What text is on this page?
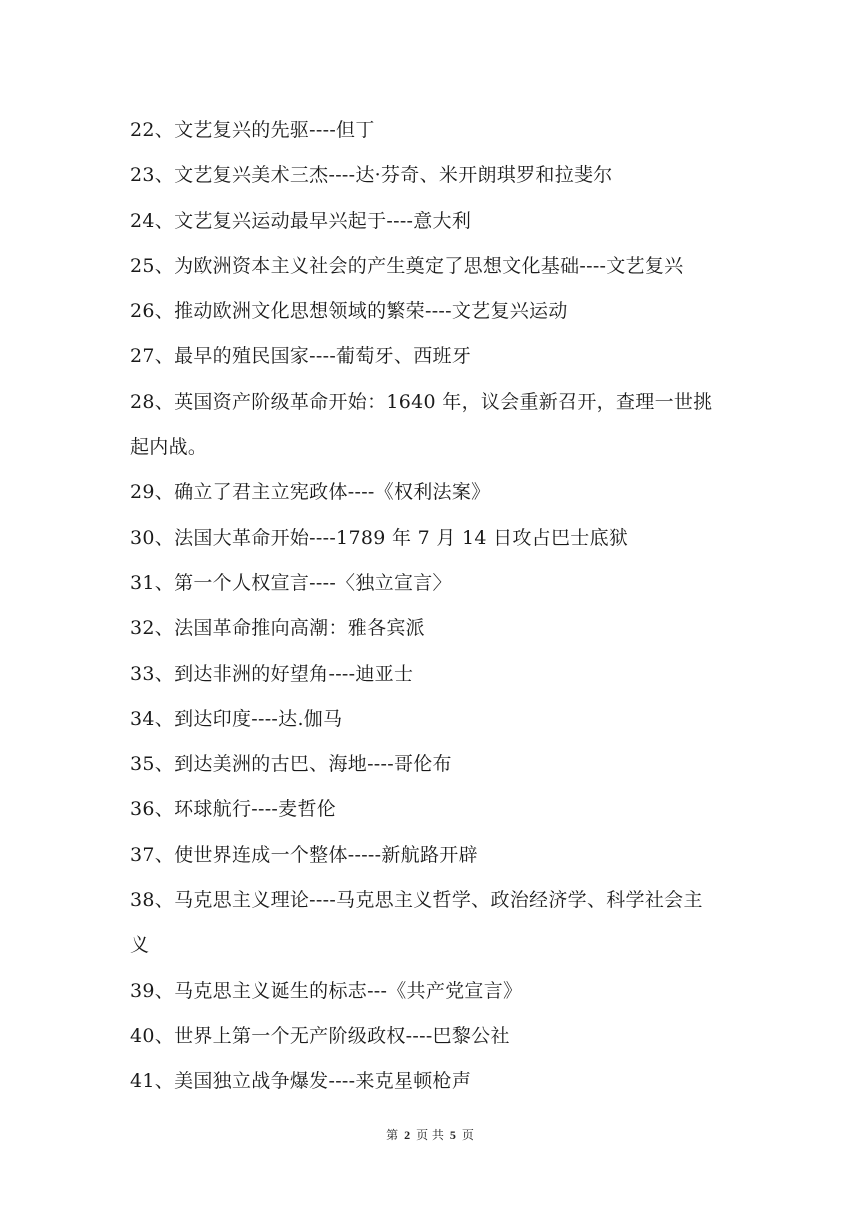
22、文艺复兴的先驱----但丁
23、文艺复兴美术三杰----达·芬奇、米开朗琪罗和拉斐尔
24、文艺复兴运动最早兴起于----意大利
25、为欧洲资本主义社会的产生奠定了思想文化基础----文艺复兴
26、推动欧洲文化思想领域的繁荣----文艺复兴运动
27、最早的殖民国家----葡萄牙、西班牙
28、英国资产阶级革命开始：1640 年，议会重新召开，查理一世挑
起内战。
29、确立了君主立宪政体----《权利法案》
30、法国大革命开始----1789 年 7 月 14 日攻占巴士底狱
31、第一个人权宣言----〈独立宣言〉
32、法国革命推向高潮：雅各宾派
33、到达非洲的好望角----迪亚士
34、到达印度----达.伽马
35、到达美洲的古巴、海地----哥伦布
36、环球航行----麦哲伦
37、使世界连成一个整体-----新航路开辟
38、马克思主义理论----马克思主义哲学、政治经济学、科学社会主
义
39、马克思主义诞生的标志---《共产党宣言》
40、世界上第一个无产阶级政权----巴黎公社
41、美国独立战争爆发----来克星顿枪声
第 2 页 共 5 页
